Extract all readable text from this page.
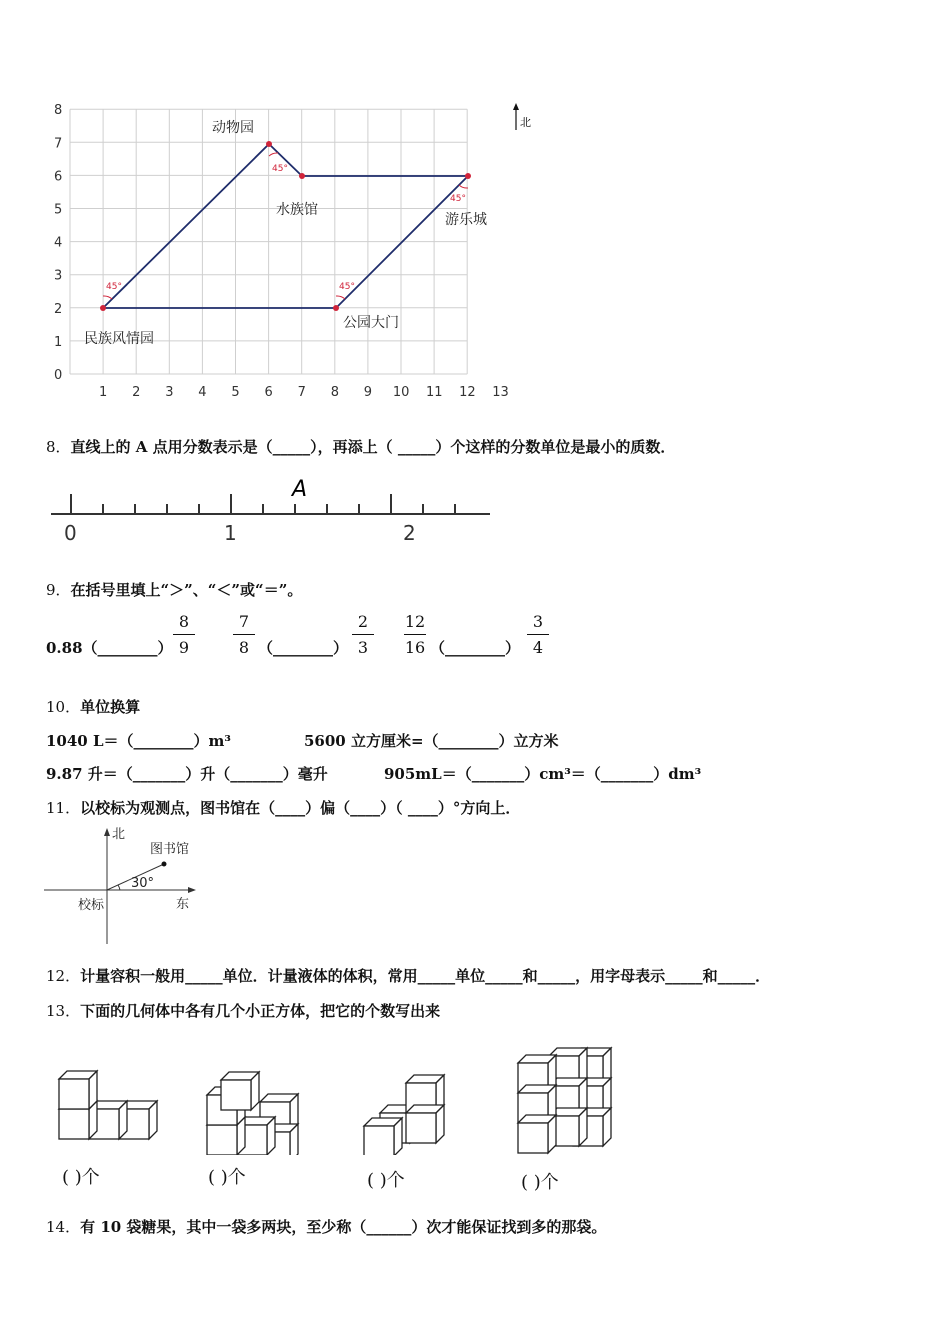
0
1
2
3
4
5
6
7
8
1 2 3 4 5 6 7 8 9 10 11 12 13
45°
45°
45°
45°
北
动物园
水族馆
游乐城
民族风情园
公园大门
8．直线上的 A 点用分数表示是（_____），再添上（ _____）个这样的分数单位是最小的质数．
A
0	1	2
9．在括号里填上“＞”、“＜”或“＝”。
0.88（________）
8
9
7
8 （________）
2
3
12
16 （________）
3
4
10．单位换算
1040 L＝（________）m³	5600 立方厘米=（________）立方米
9.87 升＝（_______）升（_______）毫升	905mL＝（_______）cm³＝（_______）dm³
11．以校标为观测点，图书馆在（____）偏（____）（ ____）°方向上．
北
图书馆
30°
校标	东
12．计量容积一般用_____单位．计量液体的体积，常用_____单位_____和_____，用字母表示_____和_____．
13．下面的几何体中各有几个小正方体，把它的个数写出来
( )个	( )个	( )个	( )个
14．有 10 袋糖果，其中一袋多两块，至少称（______）次才能保证找到多的那袋。
